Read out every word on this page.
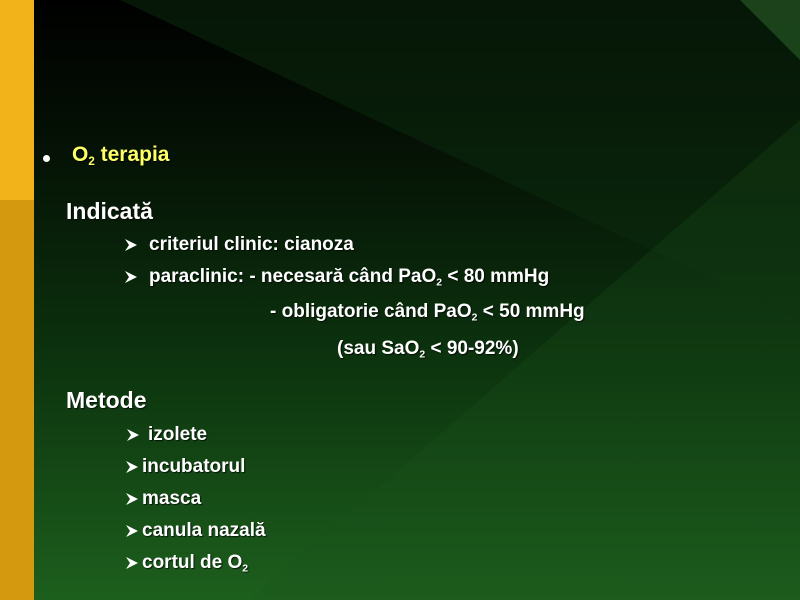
$O_2$ terapia
Indicată
criteriul clinic: cianoza
paraclinic: - necesară când PaO$_2$ < 80 mmHg
- obligatorie când PaO$_2$ < 50 mmHg
(sau SaO$_2$ < 90-92%)
Metode
izolete
incubatorul
masca
canula nazală
cortul de $O_2$
